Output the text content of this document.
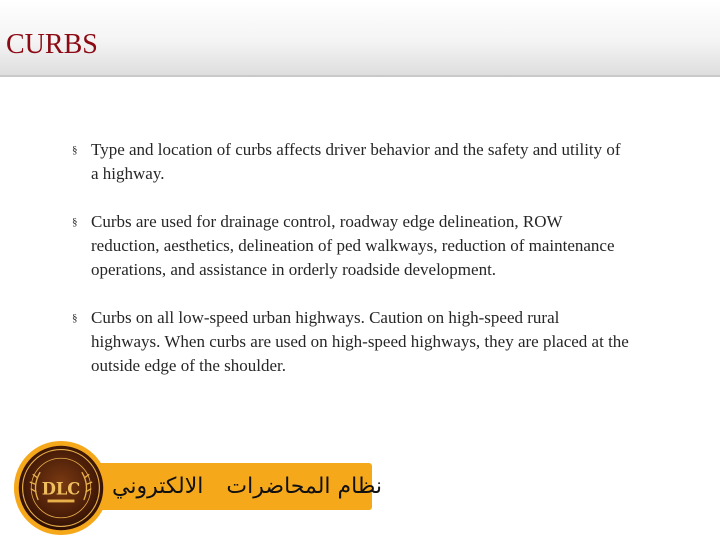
CURBS
§ Type and location of curbs affects driver behavior and the safety and utility of a highway.
§ Curbs are used for drainage control, roadway edge delineation, ROW reduction, aesthetics, delineation of ped walkways, reduction of maintenance operations, and assistance in orderly roadside development.
§ Curbs on all low-speed urban highways. Caution on high-speed rural highways. When curbs are used on high-speed highways, they are placed at the outside edge of the shoulder.
نظام المحاضرات
الالكتروني
DLC
